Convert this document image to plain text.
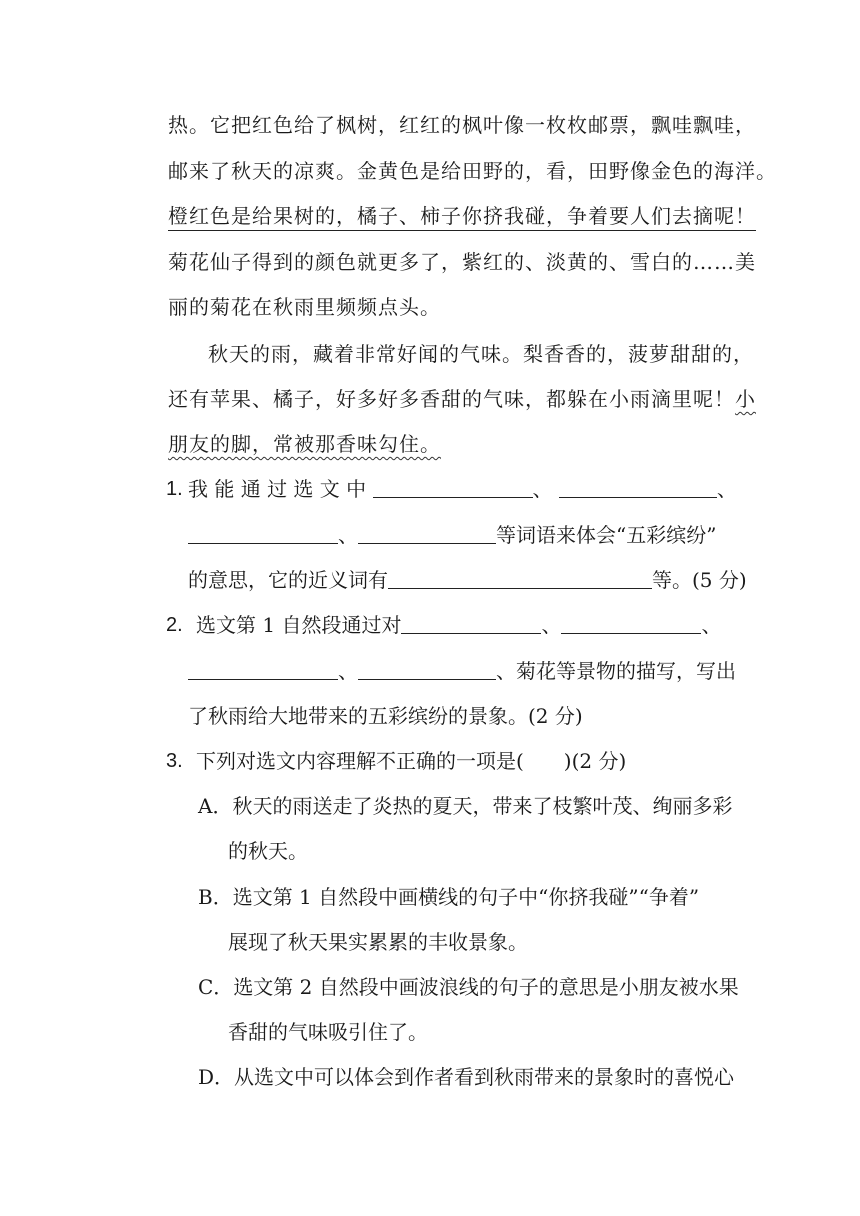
热。它把红色给了枫树，红红的枫叶像一枚枚邮票，飘哇飘哇，
邮来了秋天的凉爽。金黄色是给田野的，看，田野像金色的海洋。
橙红色是给果树的，橘子、柿子你挤我碰，争着要人们去摘呢！
菊花仙子得到的颜色就更多了，紫红的、淡黄的、雪白的……美
丽的菊花在秋雨里频频点头。
秋天的雨，藏着非常好闻的气味。梨香香的，菠萝甜甜的，
还有苹果、橘子，好多好多香甜的气味，都躲在小雨滴里呢！小
朋友的脚，常被那香味勾住。
1. 我 能 通 过 选 文 中	、	、
、	等词语来体会“五彩缤纷”
的意思，它的近义词有	等。(5 分)
2. 选文第 1 自然段通过对	、	、
、	、菊花等景物的描写，写出
了秋雨给大地带来的五彩缤纷的景象。(2 分)
3. 下列对选文内容理解不正确的一项是(　　)(2 分)
A．秋天的雨送走了炎热的夏天，带来了枝繁叶茂、绚丽多彩
的秋天。
B．选文第 1 自然段中画横线的句子中“你挤我碰”“争着”
展现了秋天果实累累的丰收景象。
C．选文第 2 自然段中画波浪线的句子的意思是小朋友被水果
香甜的气味吸引住了。
D．从选文中可以体会到作者看到秋雨带来的景象时的喜悦心
